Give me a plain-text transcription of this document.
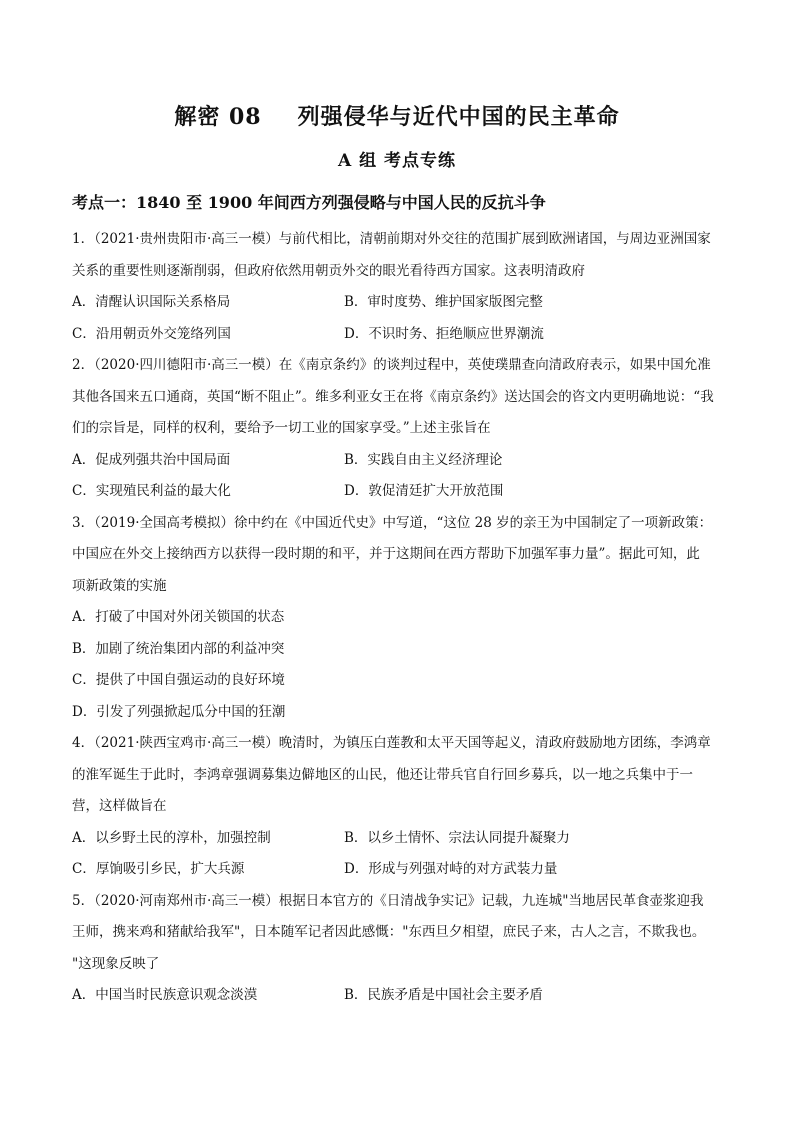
解密 08 列强侵华与近代中国的民主革命
A 组 考点专练
考点一：1840 至 1900 年间西方列强侵略与中国人民的反抗斗争
1．（2021·贵州贵阳市·高三一模）与前代相比，清朝前期对外交往的范围扩展到欧洲诸国，与周边亚洲国家
关系的重要性则逐渐削弱，但政府依然用朝贡外交的眼光看待西方国家。这表明清政府
A．清醒认识国际关系格局	B．审时度势、维护国家版图完整
C．沿用朝贡外交笼络列国	D．不识时务、拒绝顺应世界潮流
2．（2020·四川德阳市·高三一模）在《南京条约》的谈判过程中，英使璞鼎查向清政府表示，如果中国允准
其他各国来五口通商，英国“断不阻止”。维多利亚女王在将《南京条约》送达国会的咨文内更明确地说：“我
们的宗旨是，同样的权利，要给予一切工业的国家享受。”上述主张旨在
A．促成列强共治中国局面	B．实践自由主义经济理论
C．实现殖民利益的最大化	D．敦促清廷扩大开放范围
3．（2019·全国高考模拟）徐中约在《中国近代史》中写道，“这位 28 岁的亲王为中国制定了一项新政策：
中国应在外交上接纳西方以获得一段时期的和平，并于这期间在西方帮助下加强军事力量”。据此可知，此
项新政策的实施
A．打破了中国对外闭关锁国的状态
B．加剧了统治集团内部的利益冲突
C．提供了中国自强运动的良好环境
D．引发了列强掀起瓜分中国的狂潮
4．（2021·陕西宝鸡市·高三一模）晚清时，为镇压白莲教和太平天国等起义，清政府鼓励地方团练，李鸿章
的淮军诞生于此时，李鸿章强调募集边僻地区的山民，他还让带兵官自行回乡募兵，以一地之兵集中于一
营，这样做旨在
A．以乡野土民的淳朴，加强控制	B．以乡土情怀、宗法认同提升凝聚力
C．厚饷吸引乡民，扩大兵源	D．形成与列强对峙的对方武装力量
5．（2020·河南郑州市·高三一模）根据日本官方的《日清战争实记》记载，九连城"当地居民革食壶浆迎我
王师，携来鸡和猪献给我军"，日本随军记者因此感慨："东西旦夕相望，庶民子来，古人之言，不欺我也。
"这现象反映了
A．中国当时民族意识观念淡漠	B．民族矛盾是中国社会主要矛盾
